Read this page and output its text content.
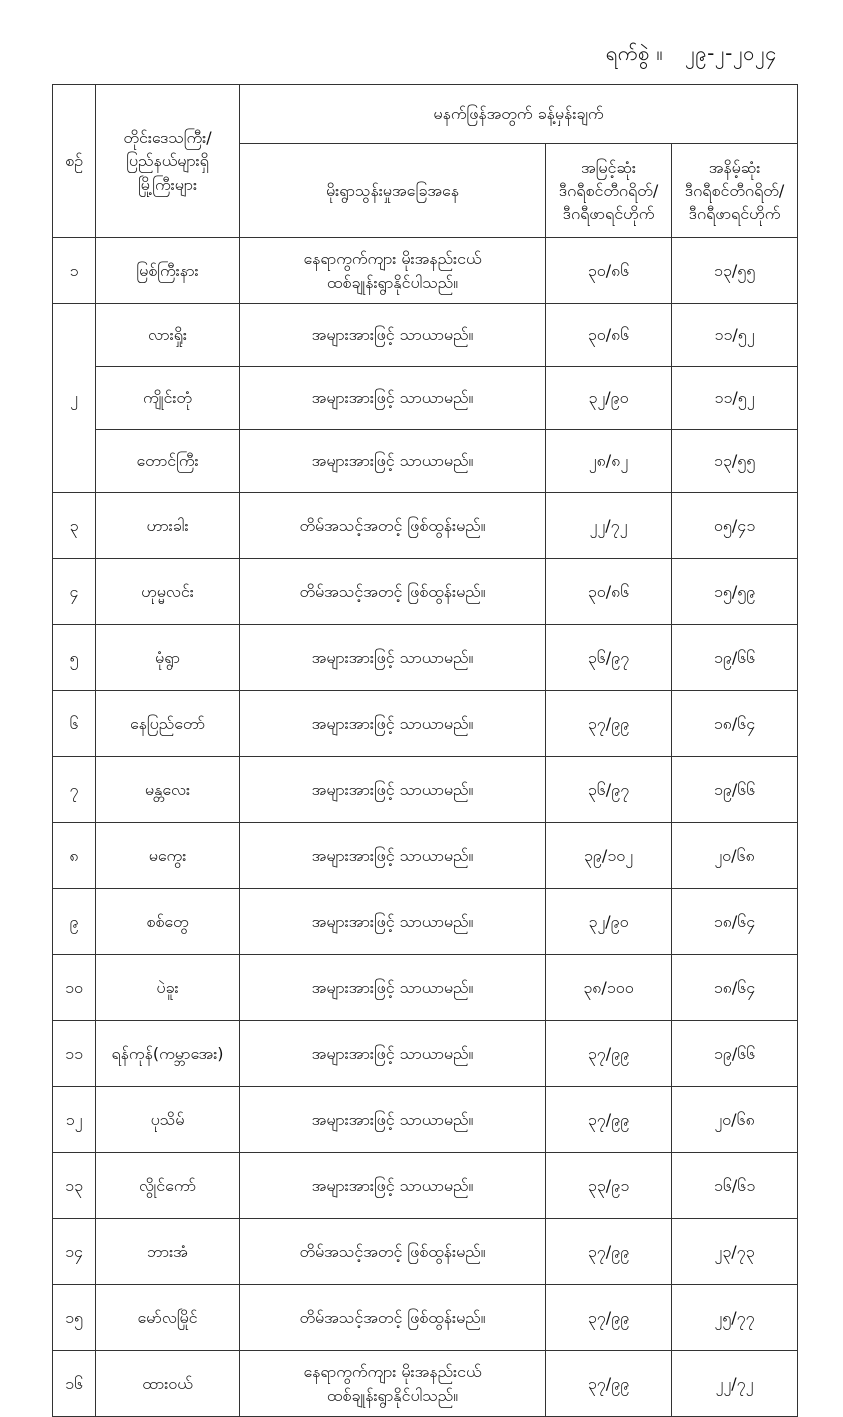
ရက်စွဲ ။ ၂၉-၂-၂၀၂၄
စဉ်	တိုင်းဒေသကြီး/
ပြည်နယ်များရှိ
မြို့ကြီးများ	မနက်ဖြန်အတွက် ခန့်မှန်းချက်		
		မိုးရွာသွန်းမှုအခြေအနေ	အမြင့်ဆုံး
ဒီဂရီစင်တီဂရိတ်/
ဒီဂရီဖာရင်ဟိုက်	အနိမ့်ဆုံး
ဒီဂရီစင်တီဂရိတ်/
ဒီဂရီဖာရင်ဟိုက်

၁	မြစ်ကြီးနား	နေရာကွက်ကျား မိုးအနည်းငယ်
ထစ်ချုန်းရွာနိုင်ပါသည်။	၃၀/၈၆	၁၃/၅၅
၂	လားရှိုး	အများအားဖြင့် သာယာမည်။	၃၀/၈၆	၁၁/၅၂
	ကျိုင်းတုံ	အများအားဖြင့် သာယာမည်။	၃၂/၉၀	၁၁/၅၂
	တောင်ကြီး	အများအားဖြင့် သာယာမည်။	၂၈/၈၂	၁၃/၅၅
၃	ဟားခါး	တိမ်အသင့်အတင့် ဖြစ်ထွန်းမည်။	၂၂/၇၂	၀၅/၄၁
၄	ဟုမ္မလင်း	တိမ်အသင့်အတင့် ဖြစ်ထွန်းမည်။	၃၀/၈၆	၁၅/၅၉
၅	မုံရွာ	အများအားဖြင့် သာယာမည်။	၃၆/၉၇	၁၉/၆၆
၆	နေပြည်တော်	အများအားဖြင့် သာယာမည်။	၃၇/၉၉	၁၈/၆၄
၇	မန္တလေး	အများအားဖြင့် သာယာမည်။	၃၆/၉၇	၁၉/၆၆
၈	မကွေး	အများအားဖြင့် သာယာမည်။	၃၉/၁၀၂	၂၀/၆၈
၉	စစ်တွေ	အများအားဖြင့် သာယာမည်။	၃၂/၉၀	၁၈/၆၄
၁၀	ပဲခူး	အများအားဖြင့် သာယာမည်။	၃၈/၁၀၀	၁၈/၆၄
၁၁	ရန်ကုန်(ကမ္ဘာအေး)	အများအားဖြင့် သာယာမည်။	၃၇/၉၉	၁၉/၆၆
၁၂	ပုသိမ်	အများအားဖြင့် သာယာမည်။	၃၇/၉၉	၂၀/၆၈
၁၃	လွိုင်ကော်	အများအားဖြင့် သာယာမည်။	၃၃/၉၁	၁၆/၆၁
၁၄	ဘားအံ	တိမ်အသင့်အတင့် ဖြစ်ထွန်းမည်။	၃၇/၉၉	၂၃/၇၃
၁၅	မော်လမြိုင်	တိမ်အသင့်အတင့် ဖြစ်ထွန်းမည်။	၃၇/၉၉	၂၅/၇၇
၁၆	ထားဝယ်	နေရာကွက်ကျား မိုးအနည်းငယ်
ထစ်ချုန်းရွာနိုင်ပါသည်။	၃၇/၉၉	၂၂/၇၂
